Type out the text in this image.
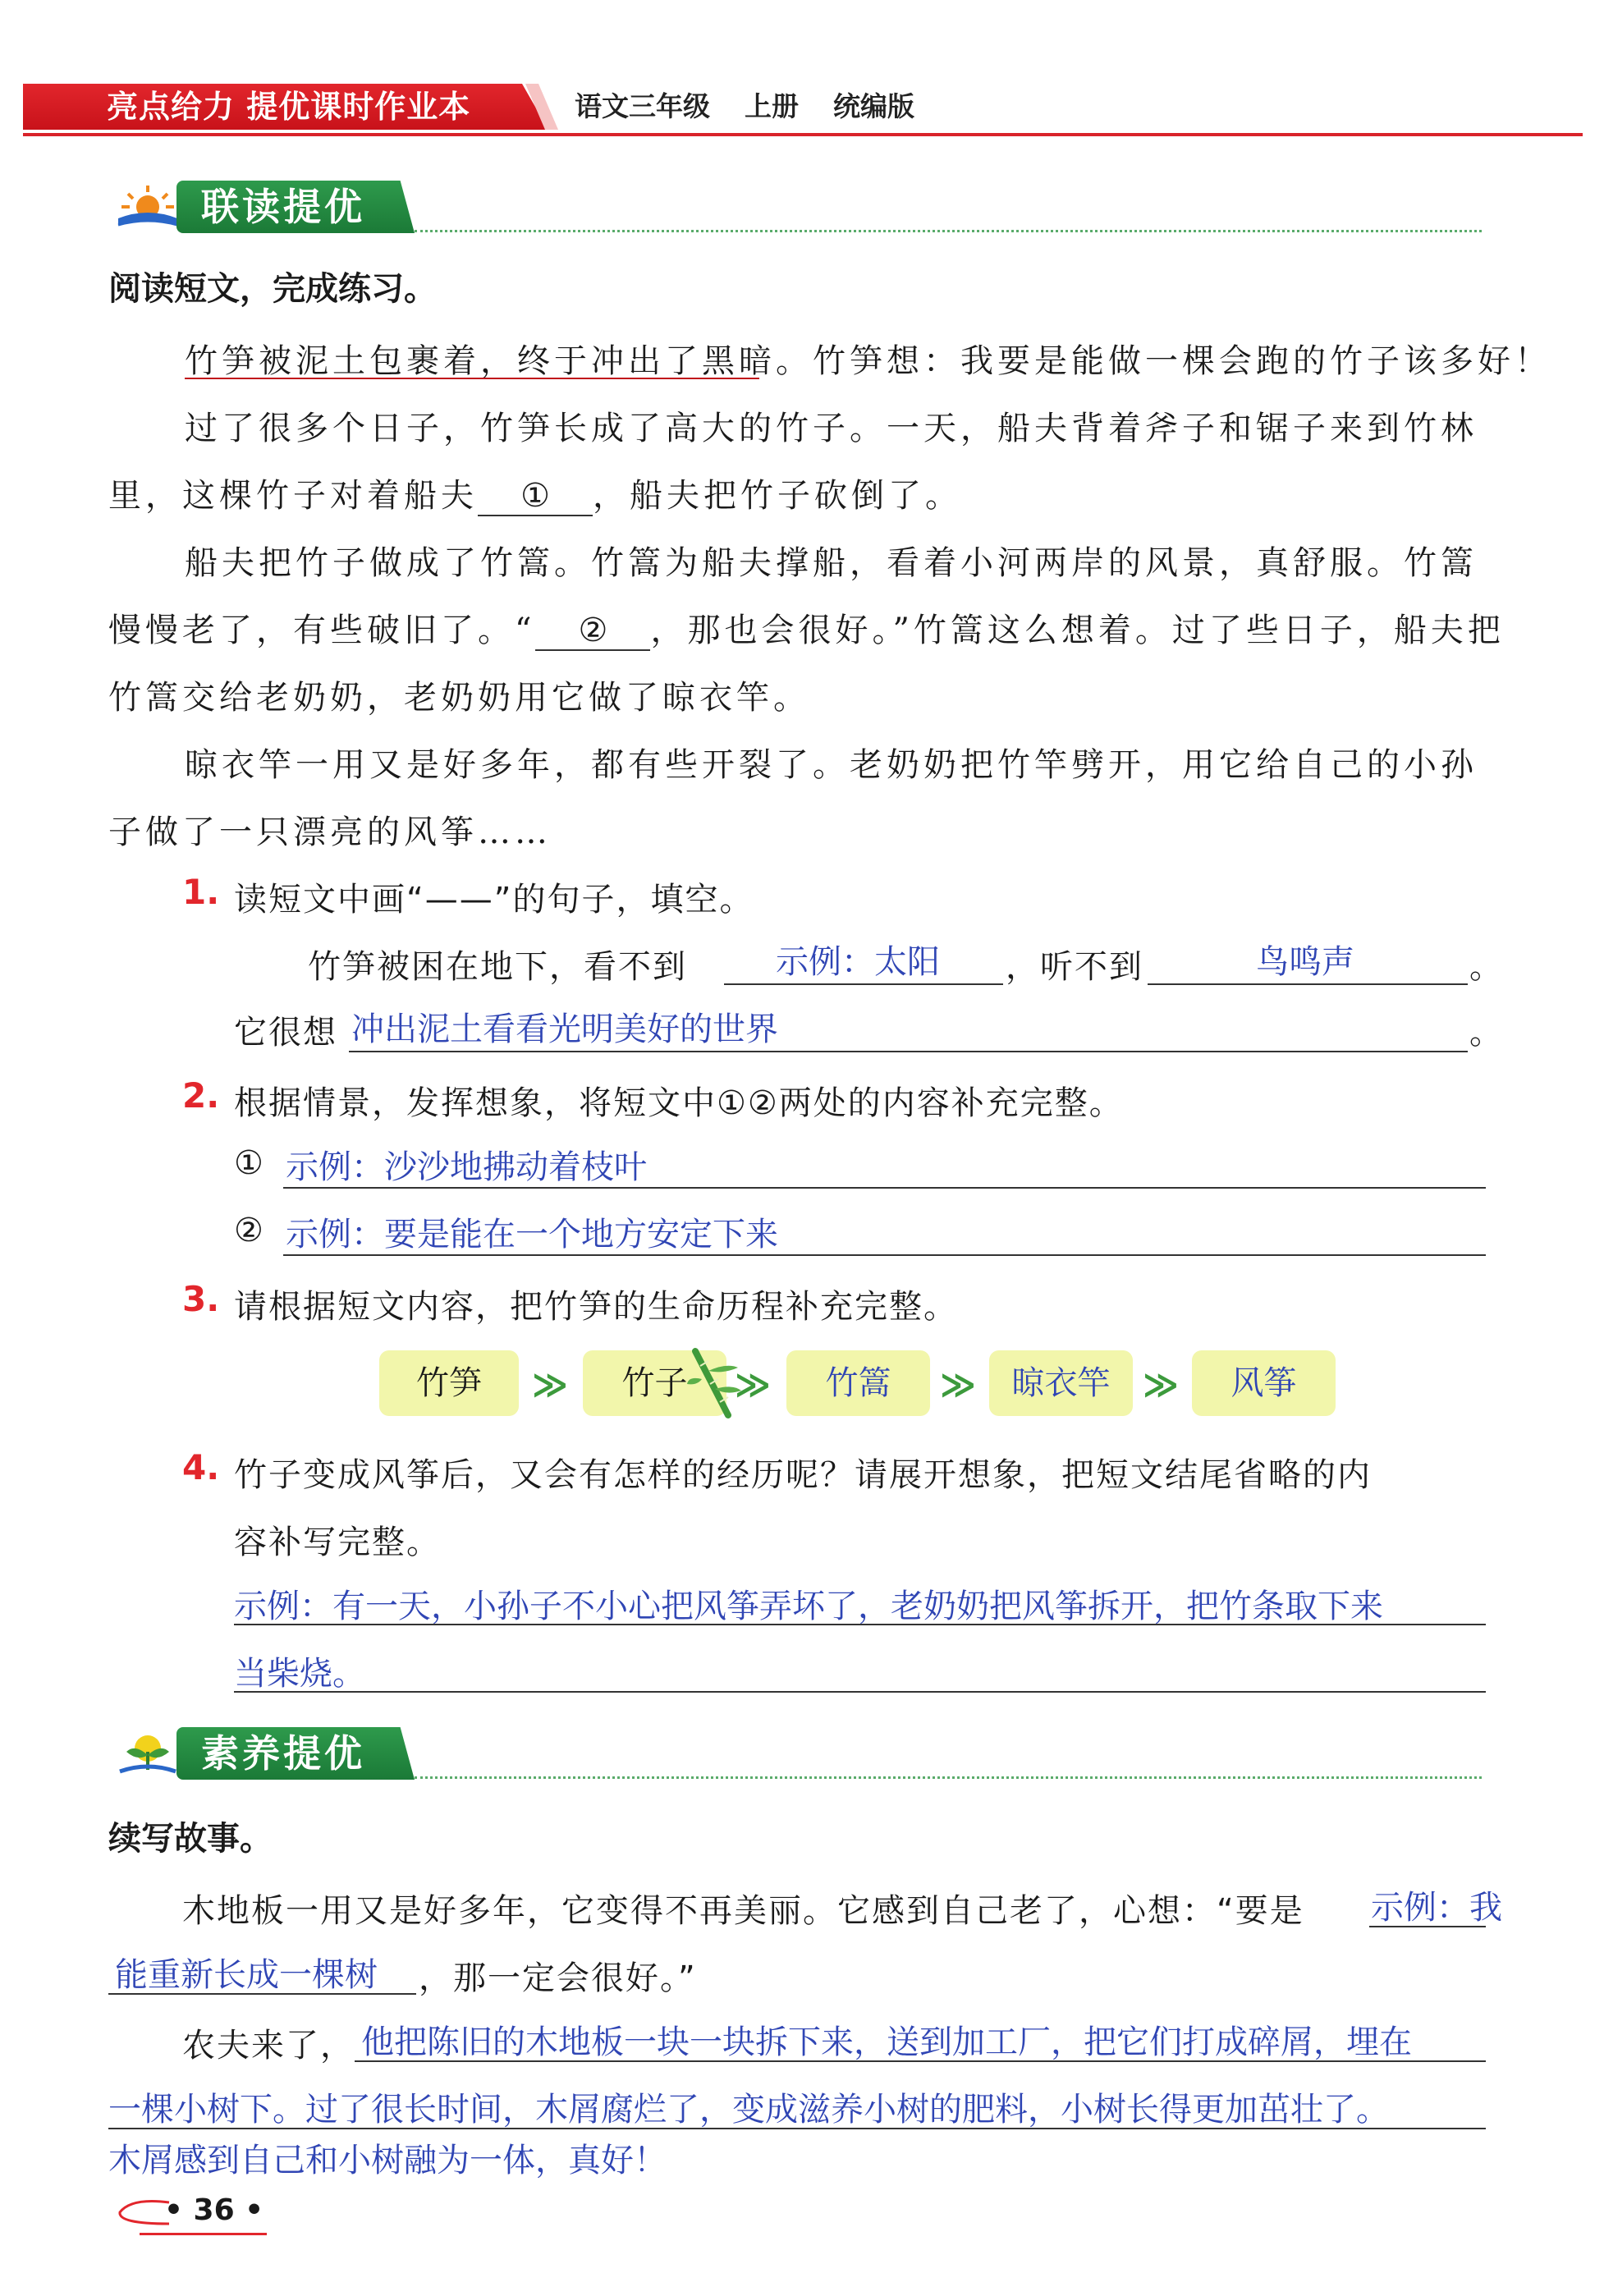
亮点给力 提优课时作业本	语文三年级 上册 统编版
联读提优
阅读短文，完成练习。
竹笋被泥土包裹着，终于冲出了黑暗。竹笋想：我要是能做一棵会跑的竹子该多好！
过了很多个日子，竹笋长成了高大的竹子。一天，船夫背着斧子和锯子来到竹林
里，这棵竹子对着船夫 ① ，船夫把竹子砍倒了。
船夫把竹子做成了竹篙。竹篙为船夫撑船，看着小河两岸的风景，真舒服。竹篙
慢慢老了，有些破旧了。“ ② ，那也会很好。”竹篙这么想着。过了些日子，船夫把
竹篙交给老奶奶，老奶奶用它做了晾衣竿。
晾衣竿一用又是好多年，都有些开裂了。老奶奶把竹竿劈开，用它给自己的小孙
子做了一只漂亮的风筝……
1. 读短文中画“——”的句子，填空。
竹笋被困在地下，看不到	示例：太阳 ，听不到	鸟鸣声	。
它很想 冲出泥土看看光明美好的世界	。
2. 根据情景，发挥想象，将短文中①②两处的内容补充完整。
① 示例：沙沙地拂动着枝叶
② 示例：要是能在一个地方安定下来
3. 请根据短文内容，把竹笋的生命历程补充完整。
竹笋	≫	竹子	≫	竹篙	≫	晾衣竿 ≫	风筝
4. 竹子变成风筝后，又会有怎样的经历呢？请展开想象，把短文结尾省略的内
容补写完整。
示例：有一天，小孙子不小心把风筝弄坏了，老奶奶把风筝拆开，把竹条取下来
当柴烧。
素养提优
续写故事。
木地板一用又是好多年，它变得不再美丽。它感到自己老了，心想：“要是 示例：我
能重新长成一棵树 ，那一定会很好。”
农夫来了， 他把陈旧的木地板一块一块拆下来，送到加工厂，把它们打成碎屑，埋在
一棵小树下。过了很长时间，木屑腐烂了，变成滋养小树的肥料，小树长得更加茁壮了。
木屑感到自己和小树融为一体，真好！
• 36 •
